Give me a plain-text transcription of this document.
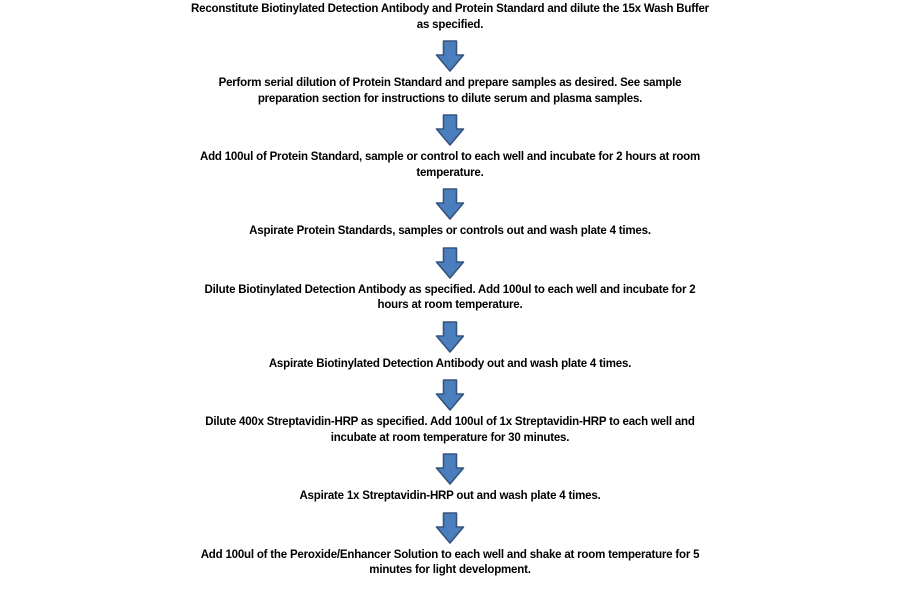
Reconstitute Biotinylated Detection Antibody and Protein Standard and dilute the 15x Wash Buffer
as specified.
Perform serial dilution of Protein Standard and prepare samples as desired. See sample
preparation section for instructions to dilute serum and plasma samples.
Add 100ul of Protein Standard, sample or control to each well and incubate for 2 hours at room
temperature.
Aspirate Protein Standards, samples or controls out and wash plate 4 times.
Dilute Biotinylated Detection Antibody as specified. Add 100ul to each well and incubate for 2
hours at room temperature.
Aspirate Biotinylated Detection Antibody out and wash plate 4 times.
Dilute 400x Streptavidin-HRP as specified. Add 100ul of 1x Streptavidin-HRP to each well and
incubate at room temperature for 30 minutes.
Aspirate 1x Streptavidin-HRP out and wash plate 4 times.
Add 100ul of the Peroxide/Enhancer Solution to each well and shake at room temperature for 5
minutes for light development.
